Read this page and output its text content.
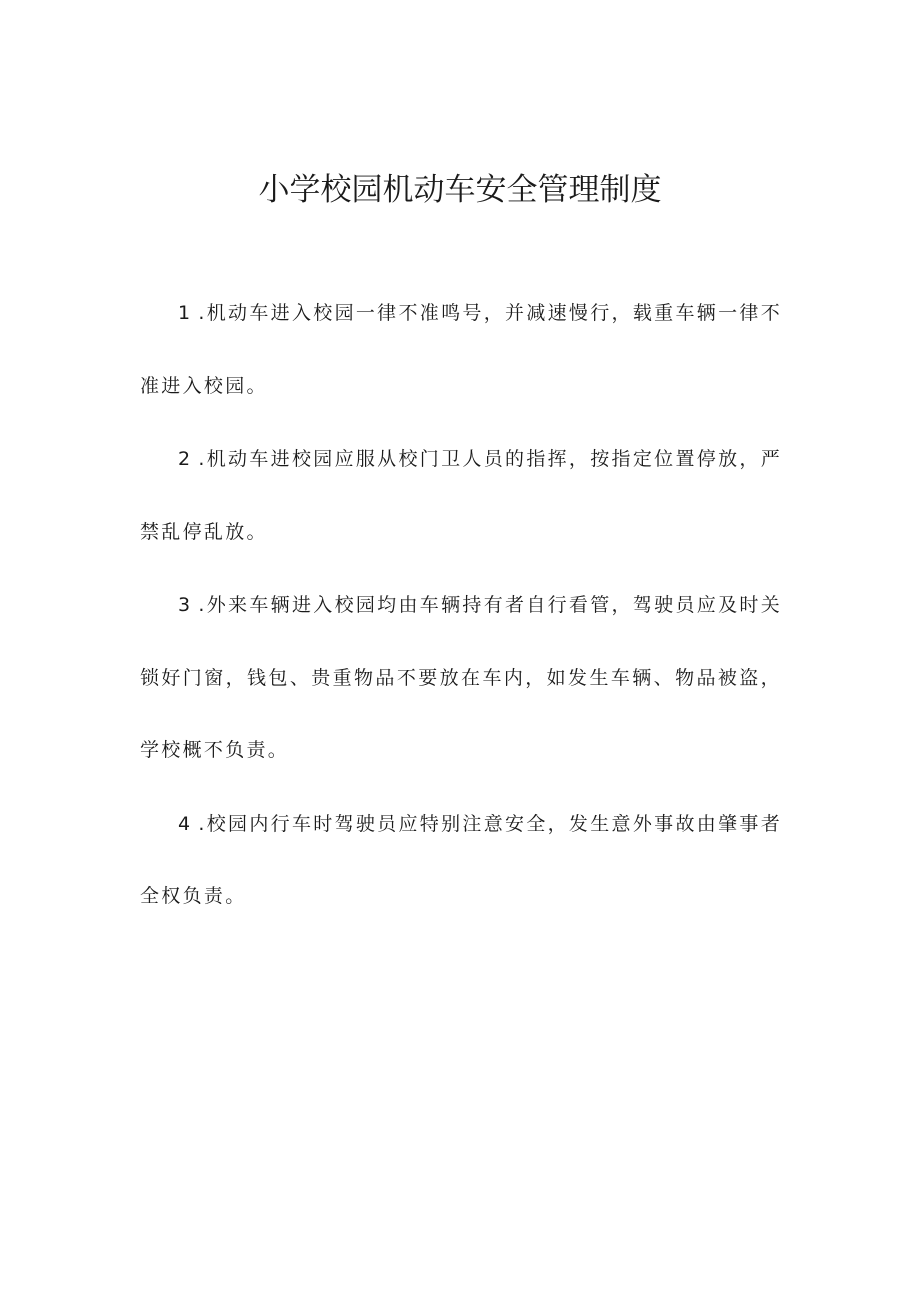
小学校园机动车安全管理制度

1 .机动车进入校园一律不准鸣号，并减速慢行，载重车辆一律不准进入校园。

2 .机动车进校园应服从校门卫人员的指挥，按指定位置停放，严禁乱停乱放。

3 .外来车辆进入校园均由车辆持有者自行看管，驾驶员应及时关锁好门窗，钱包、贵重物品不要放在车内，如发生车辆、物品被盗，学校概不负责。

4 .校园内行车时驾驶员应特别注意安全，发生意外事故由肇事者全权负责。
